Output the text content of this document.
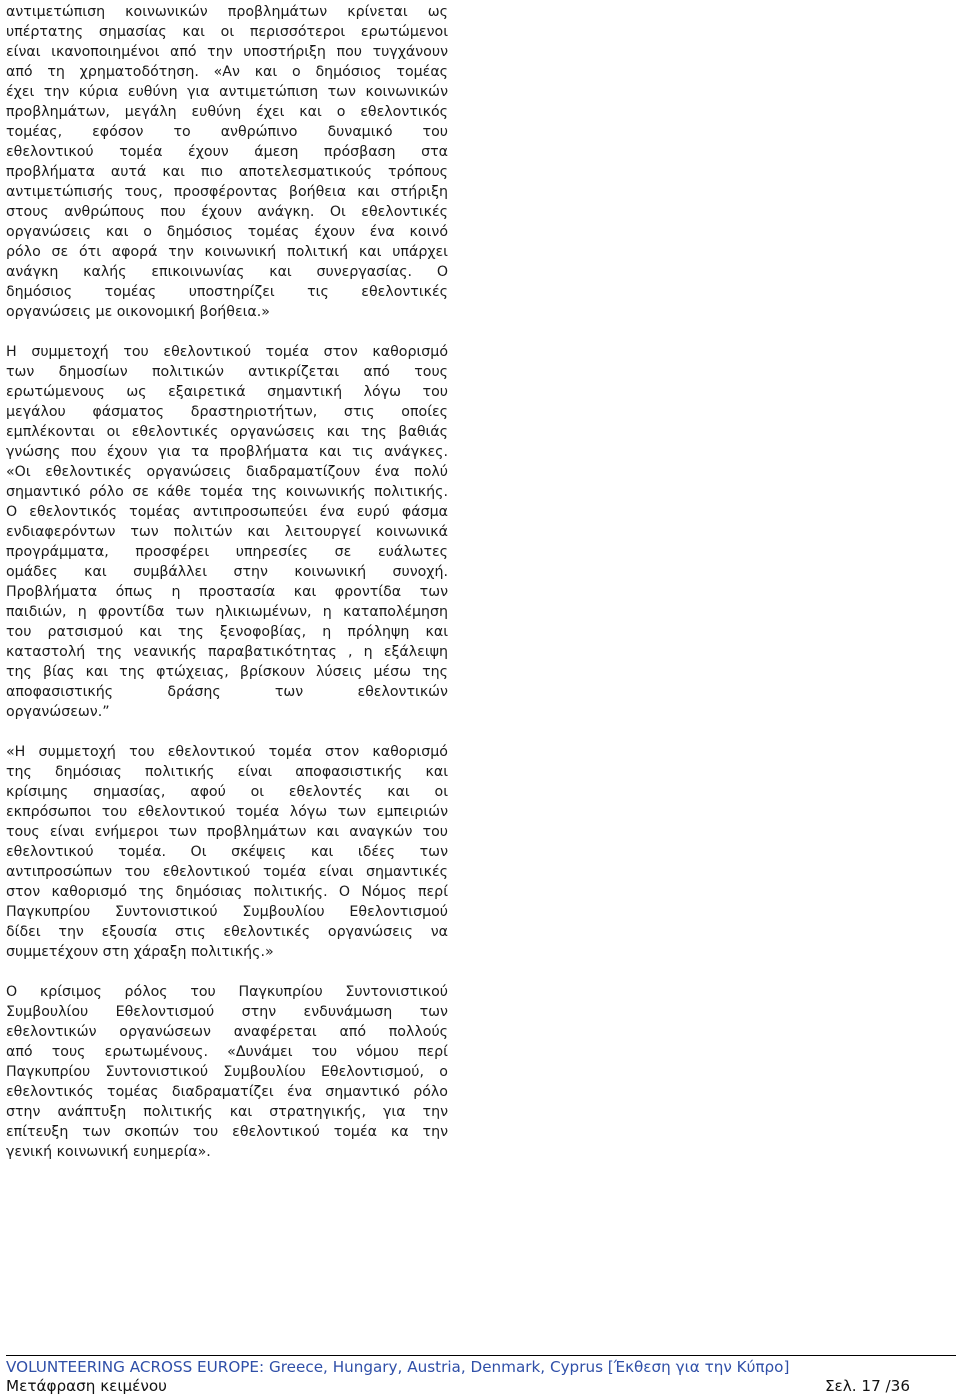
αντιμετώπιση κοινωνικών προβλημάτων κρίνεται ως
υπέρτατης σημασίας και οι περισσότεροι ερωτώμενοι
είναι ικανοποιημένοι από την υποστήριξη που τυγχάνουν
από τη χρηματοδότηση. «Αν και ο δημόσιος τομέας
έχει την κύρια ευθύνη για αντιμετώπιση των κοινωνικών
προβλημάτων, μεγάλη ευθύνη έχει και ο εθελοντικός
τομέας, εφόσον το ανθρώπινο δυναμικό του
εθελοντικού τομέα έχουν άμεση πρόσβαση στα
προβλήματα αυτά και πιο αποτελεσματικούς τρόπους
αντιμετώπισής τους, προσφέροντας βοήθεια και στήριξη
στους ανθρώπους που έχουν ανάγκη. Οι εθελοντικές
οργανώσεις και ο δημόσιος τομέας έχουν ένα κοινό
ρόλο σε ότι αφορά την κοινωνική πολιτική και υπάρχει
ανάγκη καλής επικοινωνίας και συνεργασίας. Ο
δημόσιος τομέας υποστηρίζει τις εθελοντικές
οργανώσεις με οικονομική βοήθεια.»
Η συμμετοχή του εθελοντικού τομέα στον καθορισμό
των δημοσίων πολιτικών αντικρίζεται από τους
ερωτώμενους ως εξαιρετικά σημαντική λόγω του
μεγάλου φάσματος δραστηριοτήτων, στις οποίες
εμπλέκονται οι εθελοντικές οργανώσεις και της βαθιάς
γνώσης που έχουν για τα προβλήματα και τις ανάγκες.
«Οι εθελοντικές οργανώσεις διαδραματίζουν ένα πολύ
σημαντικό ρόλο σε κάθε τομέα της κοινωνικής πολιτικής.
Ο εθελοντικός τομέας αντιπροσωπεύει ένα ευρύ φάσμα
ενδιαφερόντων των πολιτών και λειτουργεί κοινωνικά
προγράμματα, προσφέρει υπηρεσίες σε ευάλωτες
ομάδες και συμβάλλει στην κοινωνική συνοχή.
Προβλήματα όπως η προστασία και φροντίδα των
παιδιών, η φροντίδα των ηλικιωμένων, η καταπολέμηση
του ρατσισμού και της ξενοφοβίας, η πρόληψη και
καταστολή της νεανικής παραβατικότητας , η εξάλειψη
της βίας και της φτώχειας, βρίσκουν λύσεις μέσω της
αποφασιστικής δράσης των εθελοντικών
οργανώσεων.”
«Η συμμετοχή του εθελοντικού τομέα στον καθορισμό
της δημόσιας πολιτικής είναι αποφασιστικής και
κρίσιμης σημασίας, αφού οι εθελοντές και οι
εκπρόσωποι του εθελοντικού τομέα λόγω των εμπειριών
τους είναι ενήμεροι των προβλημάτων και αναγκών του
εθελοντικού τομέα. Οι σκέψεις και ιδέες των
αντιπροσώπων του εθελοντικού τομέα είναι σημαντικές
στον καθορισμό της δημόσιας πολιτικής. Ο Νόμος περί
Παγκυπρίου Συντονιστικού Συμβουλίου Εθελοντισμού
δίδει την εξουσία στις εθελοντικές οργανώσεις να
συμμετέχουν στη χάραξη πολιτικής.»
Ο κρίσιμος ρόλος του Παγκυπρίου Συντονιστικού
Συμβουλίου Εθελοντισμού στην ενδυνάμωση των
εθελοντικών οργανώσεων αναφέρεται από πολλούς
από τους ερωτωμένους. «Δυνάμει του νόμου περί
Παγκυπρίου Συντονιστικού Συμβουλίου Εθελοντισμού, ο
εθελοντικός τομέας διαδραματίζει ένα σημαντικό ρόλο
στην ανάπτυξη πολιτικής και στρατηγικής, για την
επίτευξη των σκοπών του εθελοντικού τομέα κα την
γενική κοινωνική ευημερία».
VOLUNTEERING ACROSS EUROPE: Greece, Hungary, Austria, Denmark, Cyprus [Έκθεση για την Κύπρο]
Μετάφραση κειμένου	Σελ. 17 /36
